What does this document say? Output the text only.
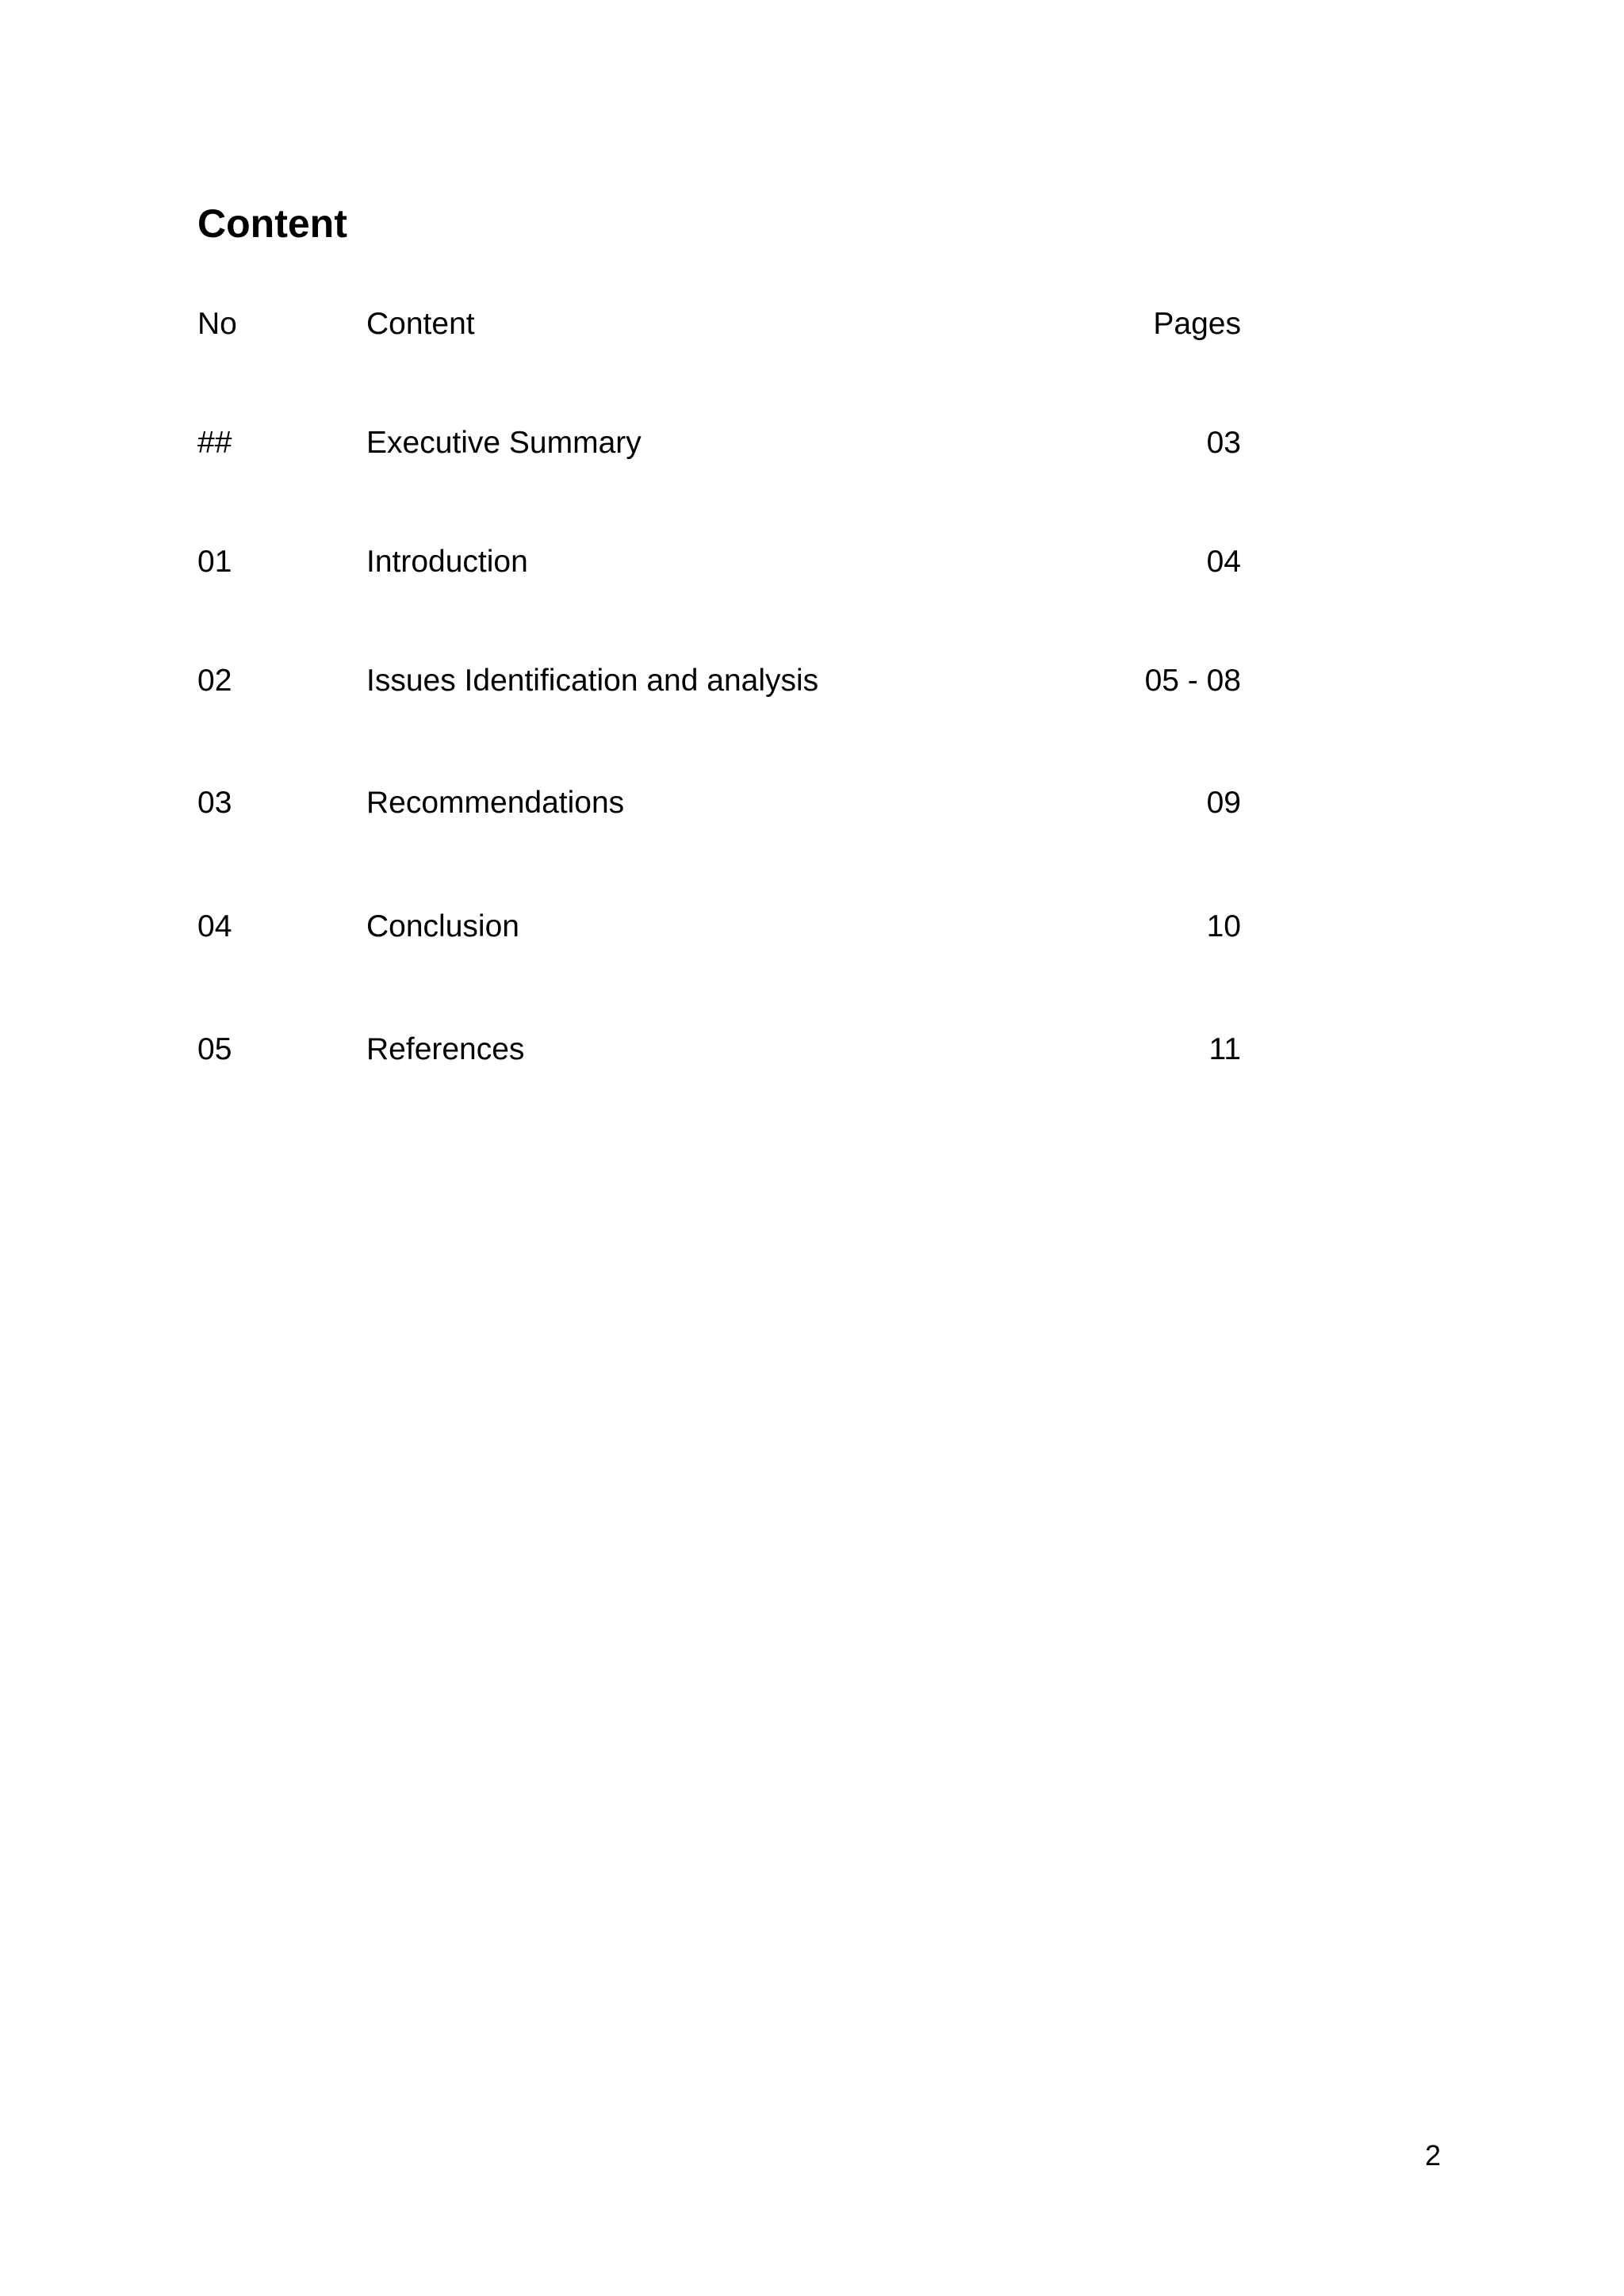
Content
No	Content	Pages
##	Executive Summary	03
01	Introduction	04
02	Issues Identification and analysis	05 - 08
03	Recommendations	09
04	Conclusion	10
05	References	11
2
